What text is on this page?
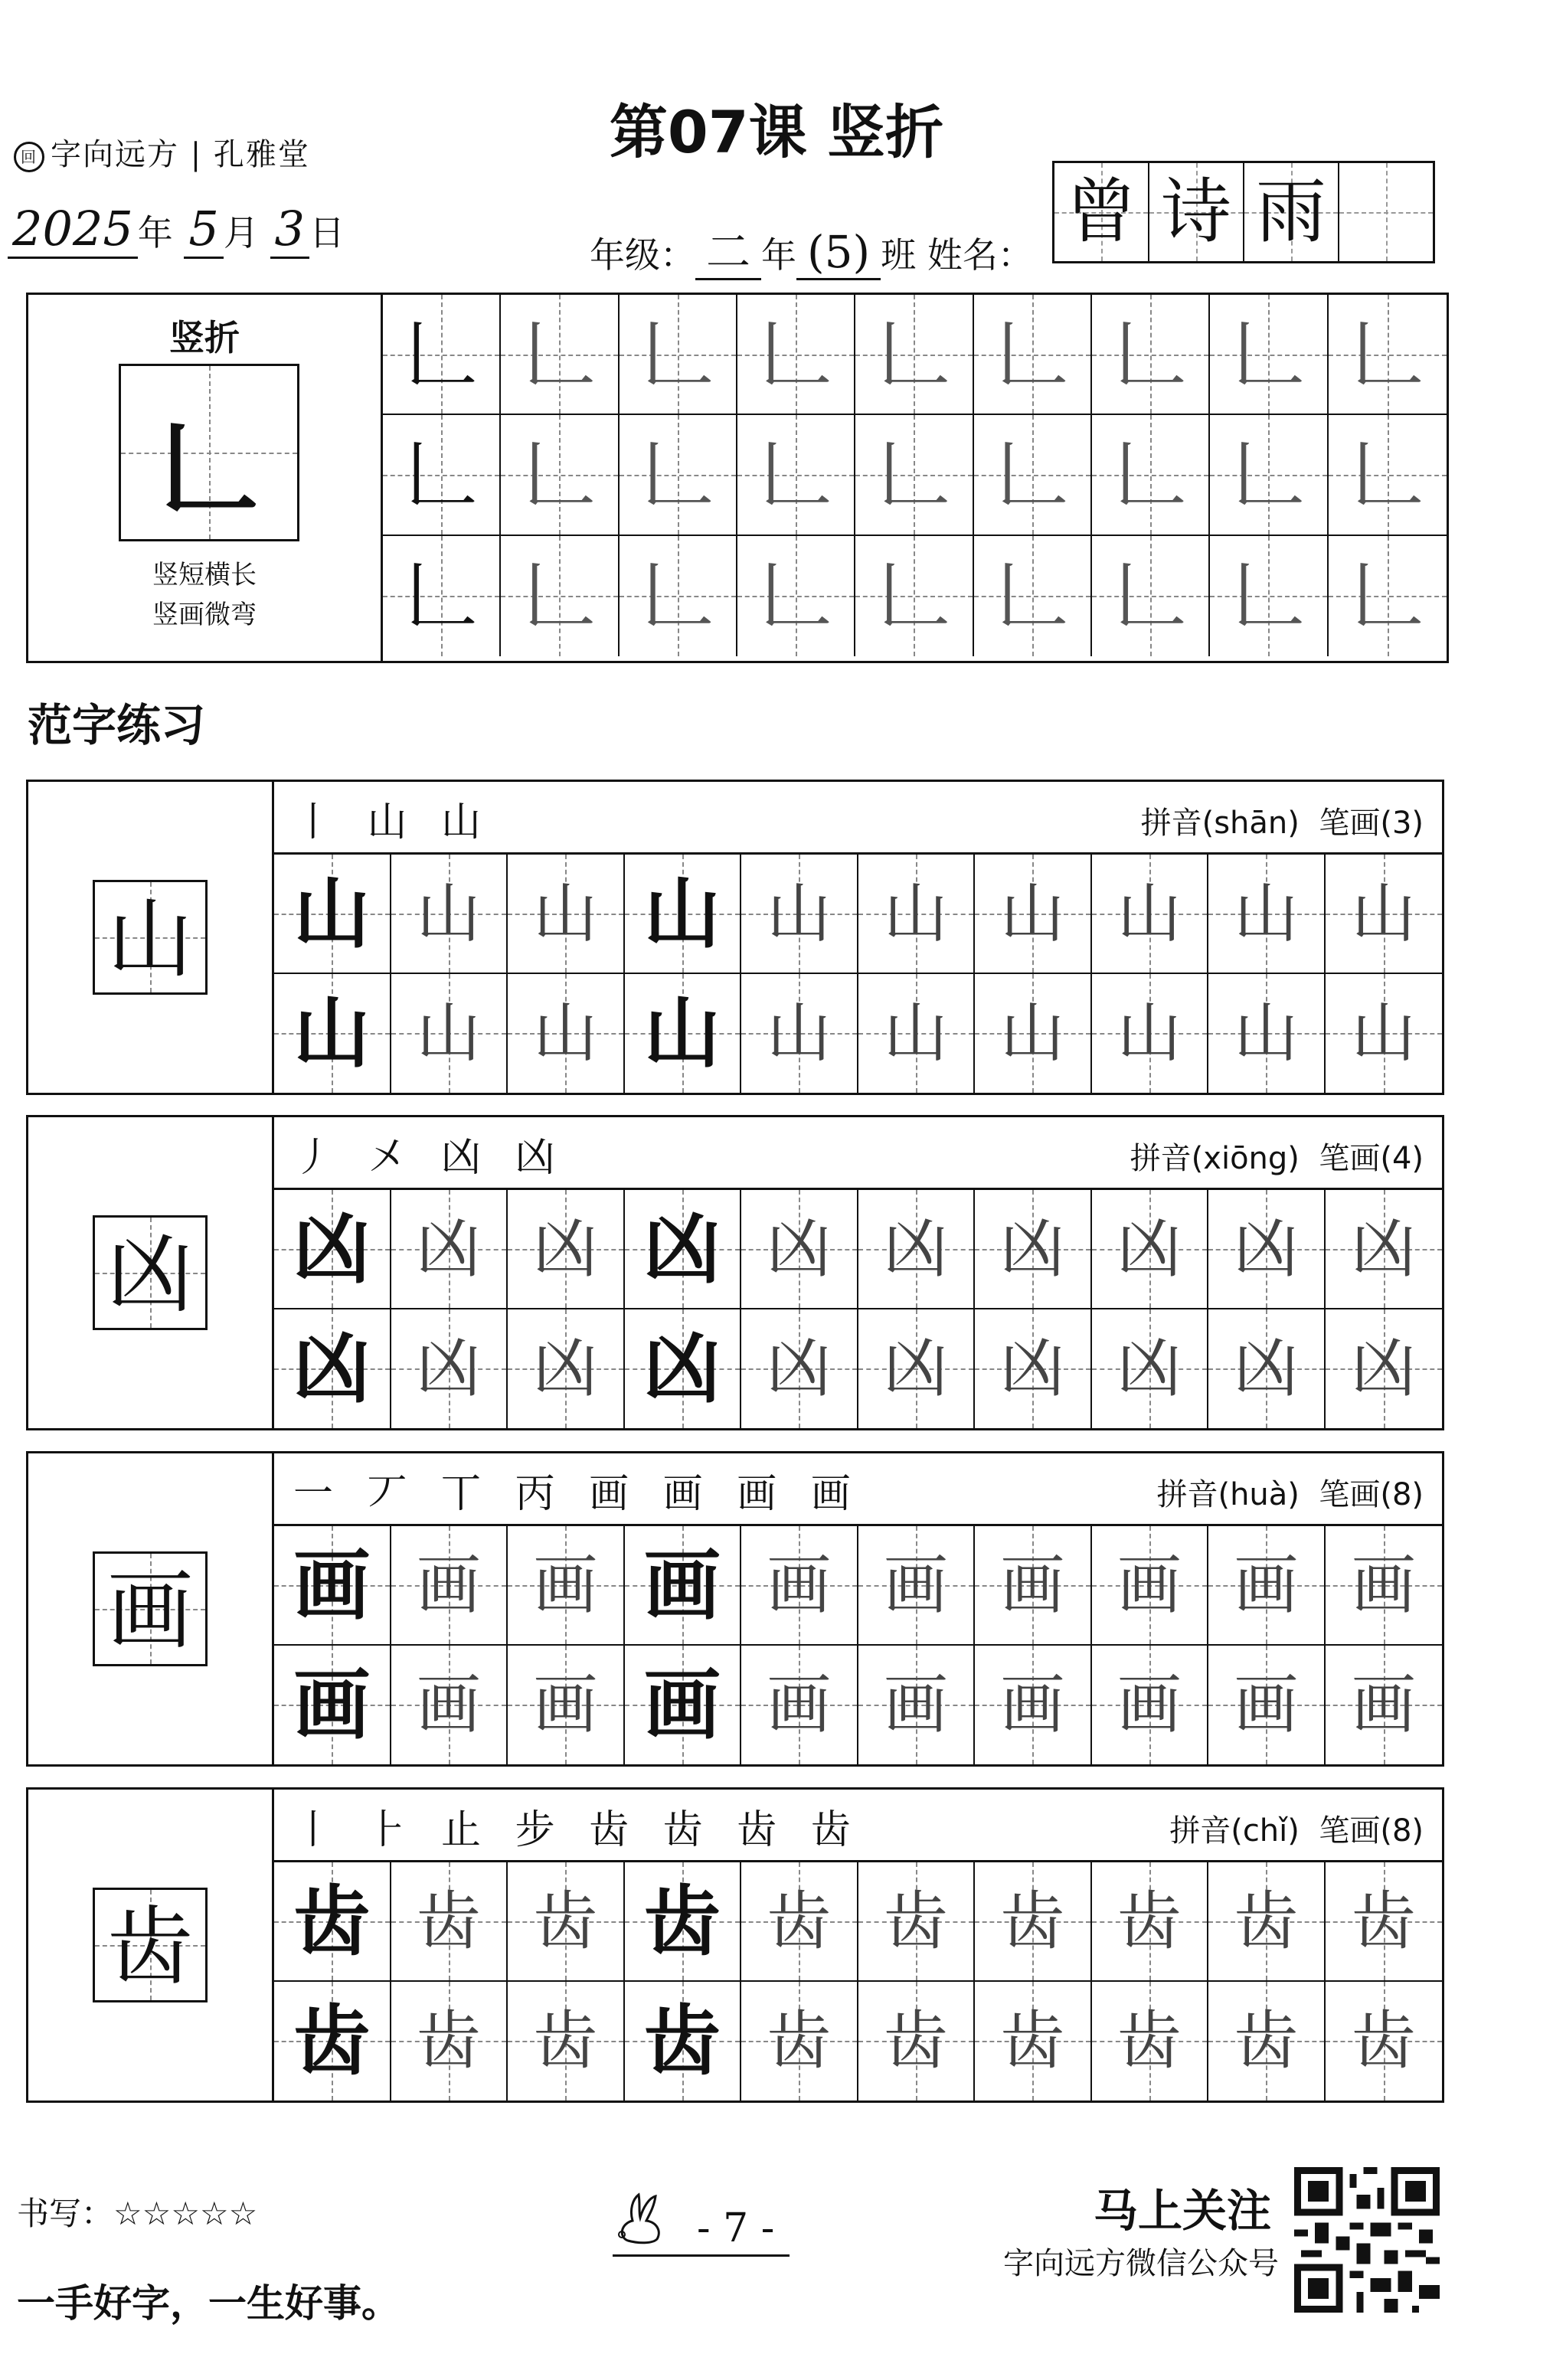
回 字向远方 | 孔雅堂	第07课 竖折
2025 年 5 月 3 日
年级： 二 年 (5) 班 姓名：
曾 诗 雨
竖折
𠃊
竖短横长
竖画微弯
𠃊 𠃊 𠃊 𠃊 𠃊 𠃊 𠃊 𠃊 𠃊
𠃊 𠃊 𠃊 𠃊 𠃊 𠃊 𠃊 𠃊 𠃊
𠃊 𠃊 𠃊 𠃊 𠃊 𠃊 𠃊 𠃊 𠃊
范字练习
山
丨 山 山	拼音(shān)  笔画(3)
山 山 山 山 山 山 山 山 山 山
山 山 山 山 山 山 山 山 山 山
凶
丿 㐅 凶 凶	拼音(xiōng)  笔画(4)
凶 凶 凶 凶 凶 凶 凶 凶 凶 凶
凶 凶 凶 凶 凶 凶 凶 凶 凶 凶
画
一 丆 丅 丙 画 画 画 画	拼音(huà)  笔画(8)
画 画 画 画 画 画 画 画 画 画
画 画 画 画 画 画 画 画 画 画
齿
丨 ⺊ 止 步 齿 齿 齿 齿	拼音(chǐ)  笔画(8)
齿 齿 齿 齿 齿 齿 齿 齿 齿 齿
齿 齿 齿 齿 齿 齿 齿 齿 齿 齿
书写：☆☆☆☆☆
一手好字，一生好事。
- 7 -	马上关注
字向远方微信公众号
